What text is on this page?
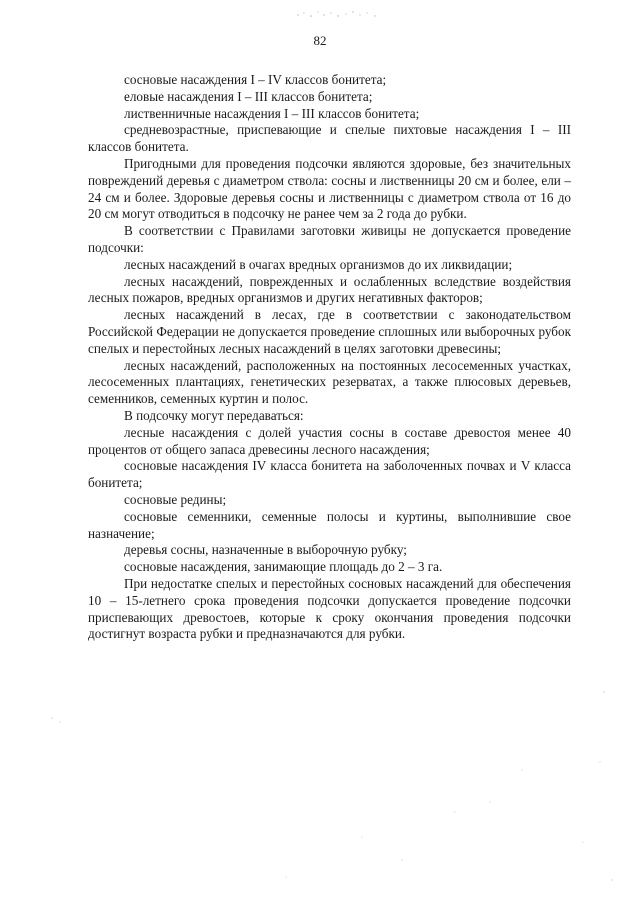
82

сосновые насаждения I – IV классов бонитета;

еловые насаждения I – III классов бонитета;

лиственничные насаждения I – III классов бонитета;

средневозрастные, приспевающие и спелые пихтовые насаждения I – III классов бонитета.

Пригодными для проведения подсочки являются здоровые, без значительных повреждений деревья с диаметром ствола: сосны и лиственницы 20 см и более, ели – 24 см и более. Здоровые деревья сосны и лиственницы с диаметром ствола от 16 до 20 см могут отводиться в подсочку не ранее чем за 2 года до рубки.

В соответствии с Правилами заготовки живицы не допускается проведение подсочки:

лесных насаждений в очагах вредных организмов до их ликвидации;

лесных насаждений, поврежденных и ослабленных вследствие воздействия лесных пожаров, вредных организмов и других негативных факторов;

лесных насаждений в лесах, где в соответствии с законодательством Российской Федерации не допускается проведение сплошных или выборочных рубок спелых и перестойных лесных насаждений в целях заготовки древесины;

лесных насаждений, расположенных на постоянных лесосеменных участках, лесосеменных плантациях, генетических резерватах, а также плюсовых деревьев, семенников, семенных куртин и полос.

В подсочку могут передаваться:

лесные насаждения с долей участия сосны в составе древостоя менее 40 процентов от общего запаса древесины лесного насаждения;

сосновые насаждения IV класса бонитета на заболоченных почвах и V класса бонитета;

сосновые редины;

сосновые семенники, семенные полосы и куртины, выполнившие свое назначение;

деревья сосны, назначенные в выборочную рубку;

сосновые насаждения, занимающие площадь до 2 – 3 га.

При недостатке спелых и перестойных сосновых насаждений для обеспечения 10 – 15-летнего срока проведения подсочки допускается проведение подсочки приспевающих древостоев, которые к сроку окончания проведения подсочки достигнут возраста рубки и предназначаются для рубки.
